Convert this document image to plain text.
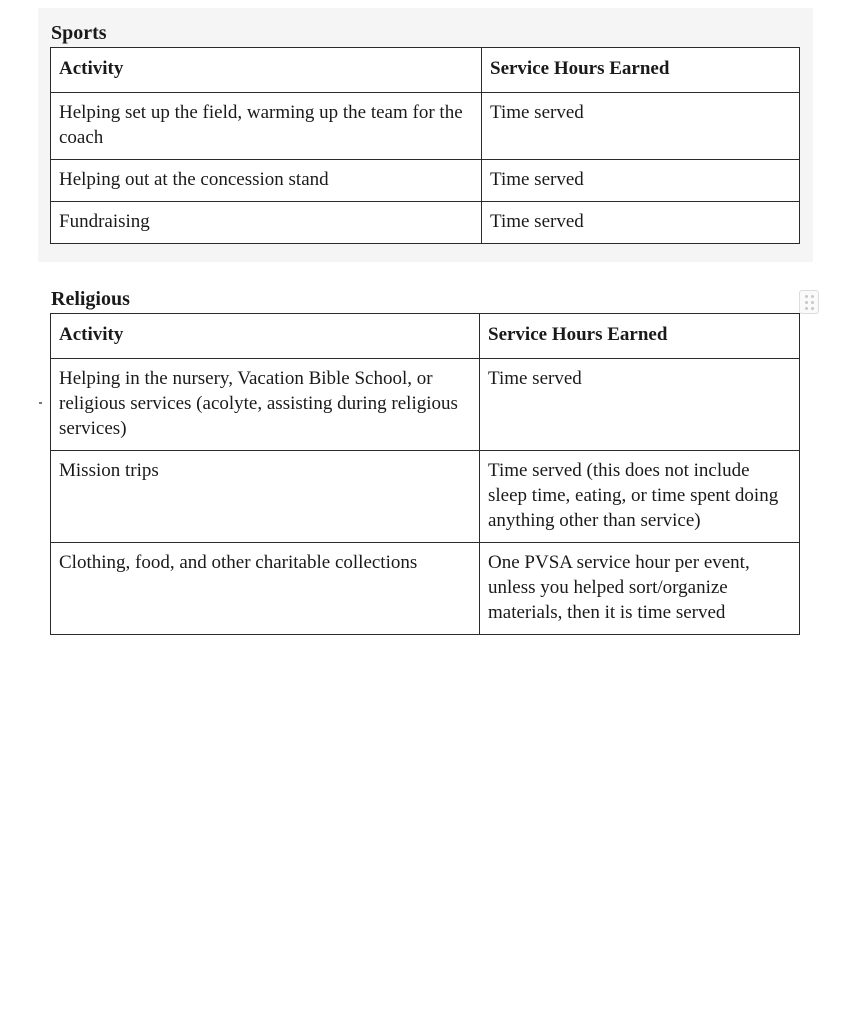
Sports
Activity	Service Hours Earned
Helping set up the field, warming up the team for the coach	Time served
Helping out at the concession stand	Time served
Fundraising	Time served
Religious
Activity	Service Hours Earned
Helping in the nursery, Vacation Bible School, or religious services (acolyte, assisting during religious services)	Time served
Mission trips	Time served (this does not include sleep time, eating, or time spent doing anything other than service)
Clothing, food, and other charitable collections	One PVSA service hour per event, unless you helped sort/organize materials, then it is time served
